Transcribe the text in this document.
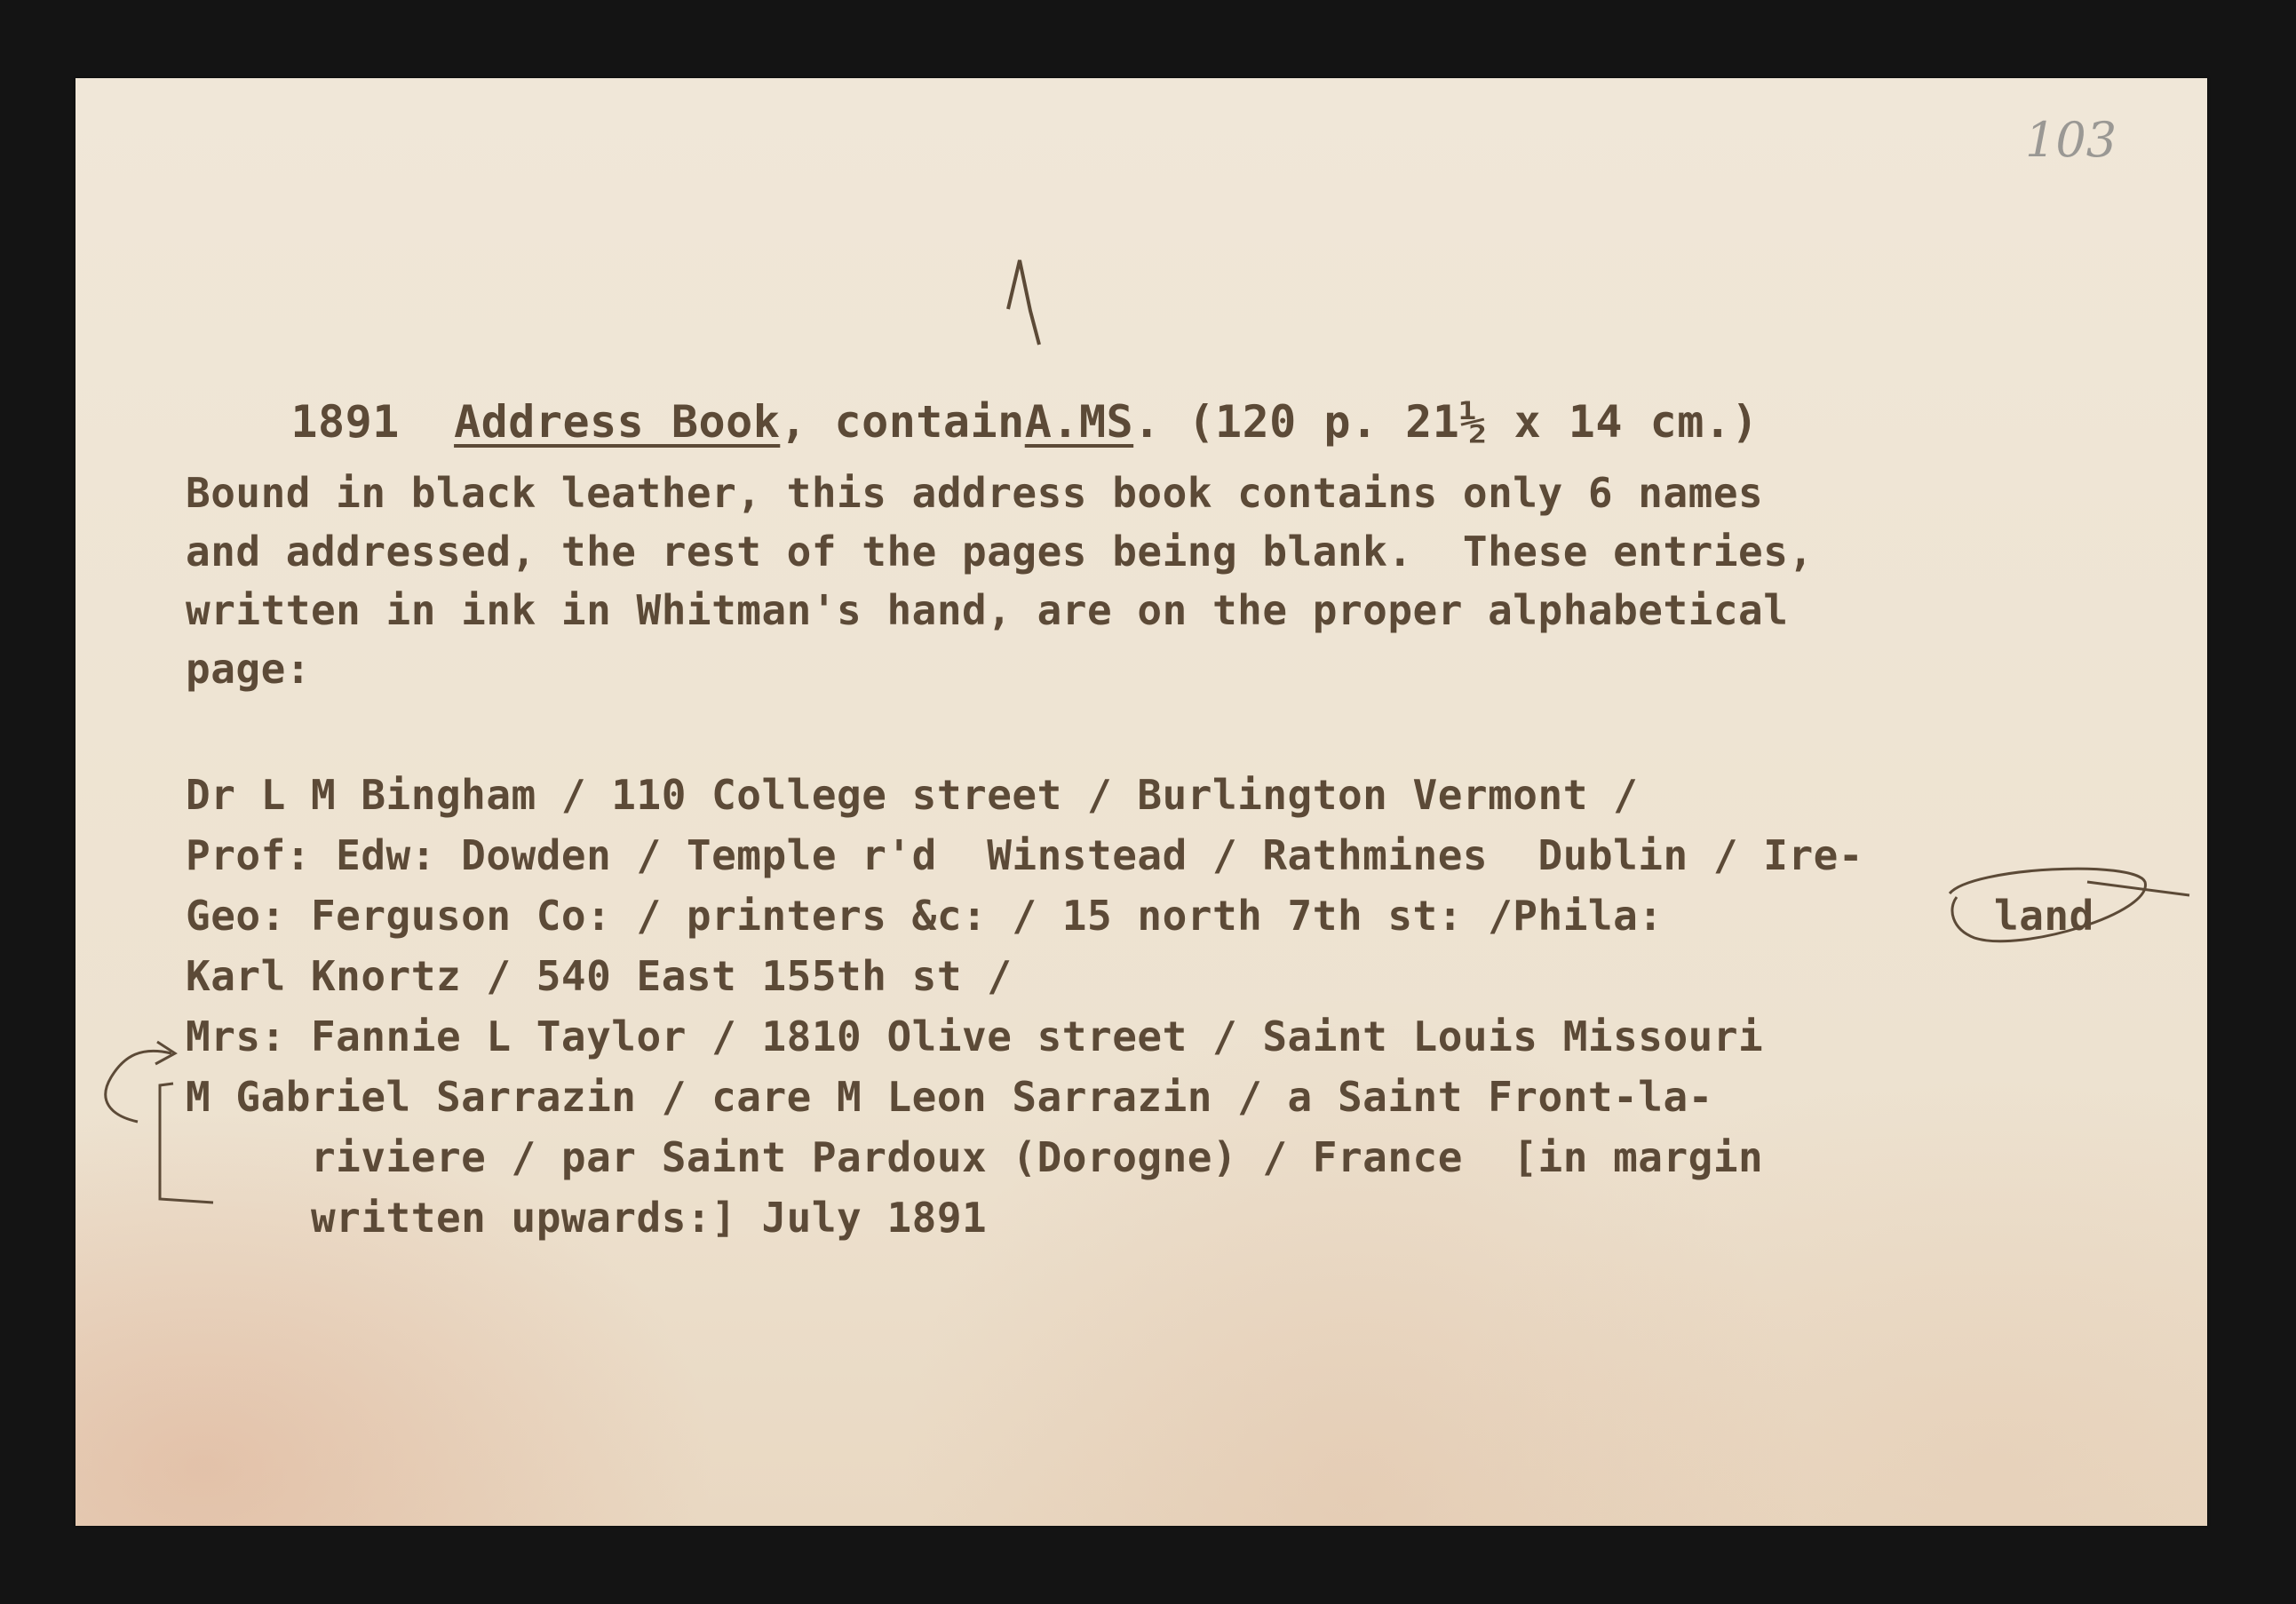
103

1891 Address Book, containA.MS. (120 p. 21½ x 14 cm.)

Bound in black leather, this address book contains only 6 names
and addressed, the rest of the pages being blank.  These entries,
written in ink in Whitman's hand, are on the proper alphabetical
page:
Dr L M Bingham / 110 College street / Burlington Vermont /
Prof: Edw: Dowden / Temple r'd  Winstead / Rathmines  Dublin / Ire-
Geo: Ferguson Co: / printers &c: / 15 north 7th st: /Phila:
Karl Knortz / 540 East 155th st /
Mrs: Fannie L Taylor / 1810 Olive street / Saint Louis Missouri
M Gabriel Sarrazin / care M Leon Sarrazin / a Saint Front-la-
riviere / par Saint Pardoux (Dorogne) / France  [in margin
written upwards:] July 1891
land
